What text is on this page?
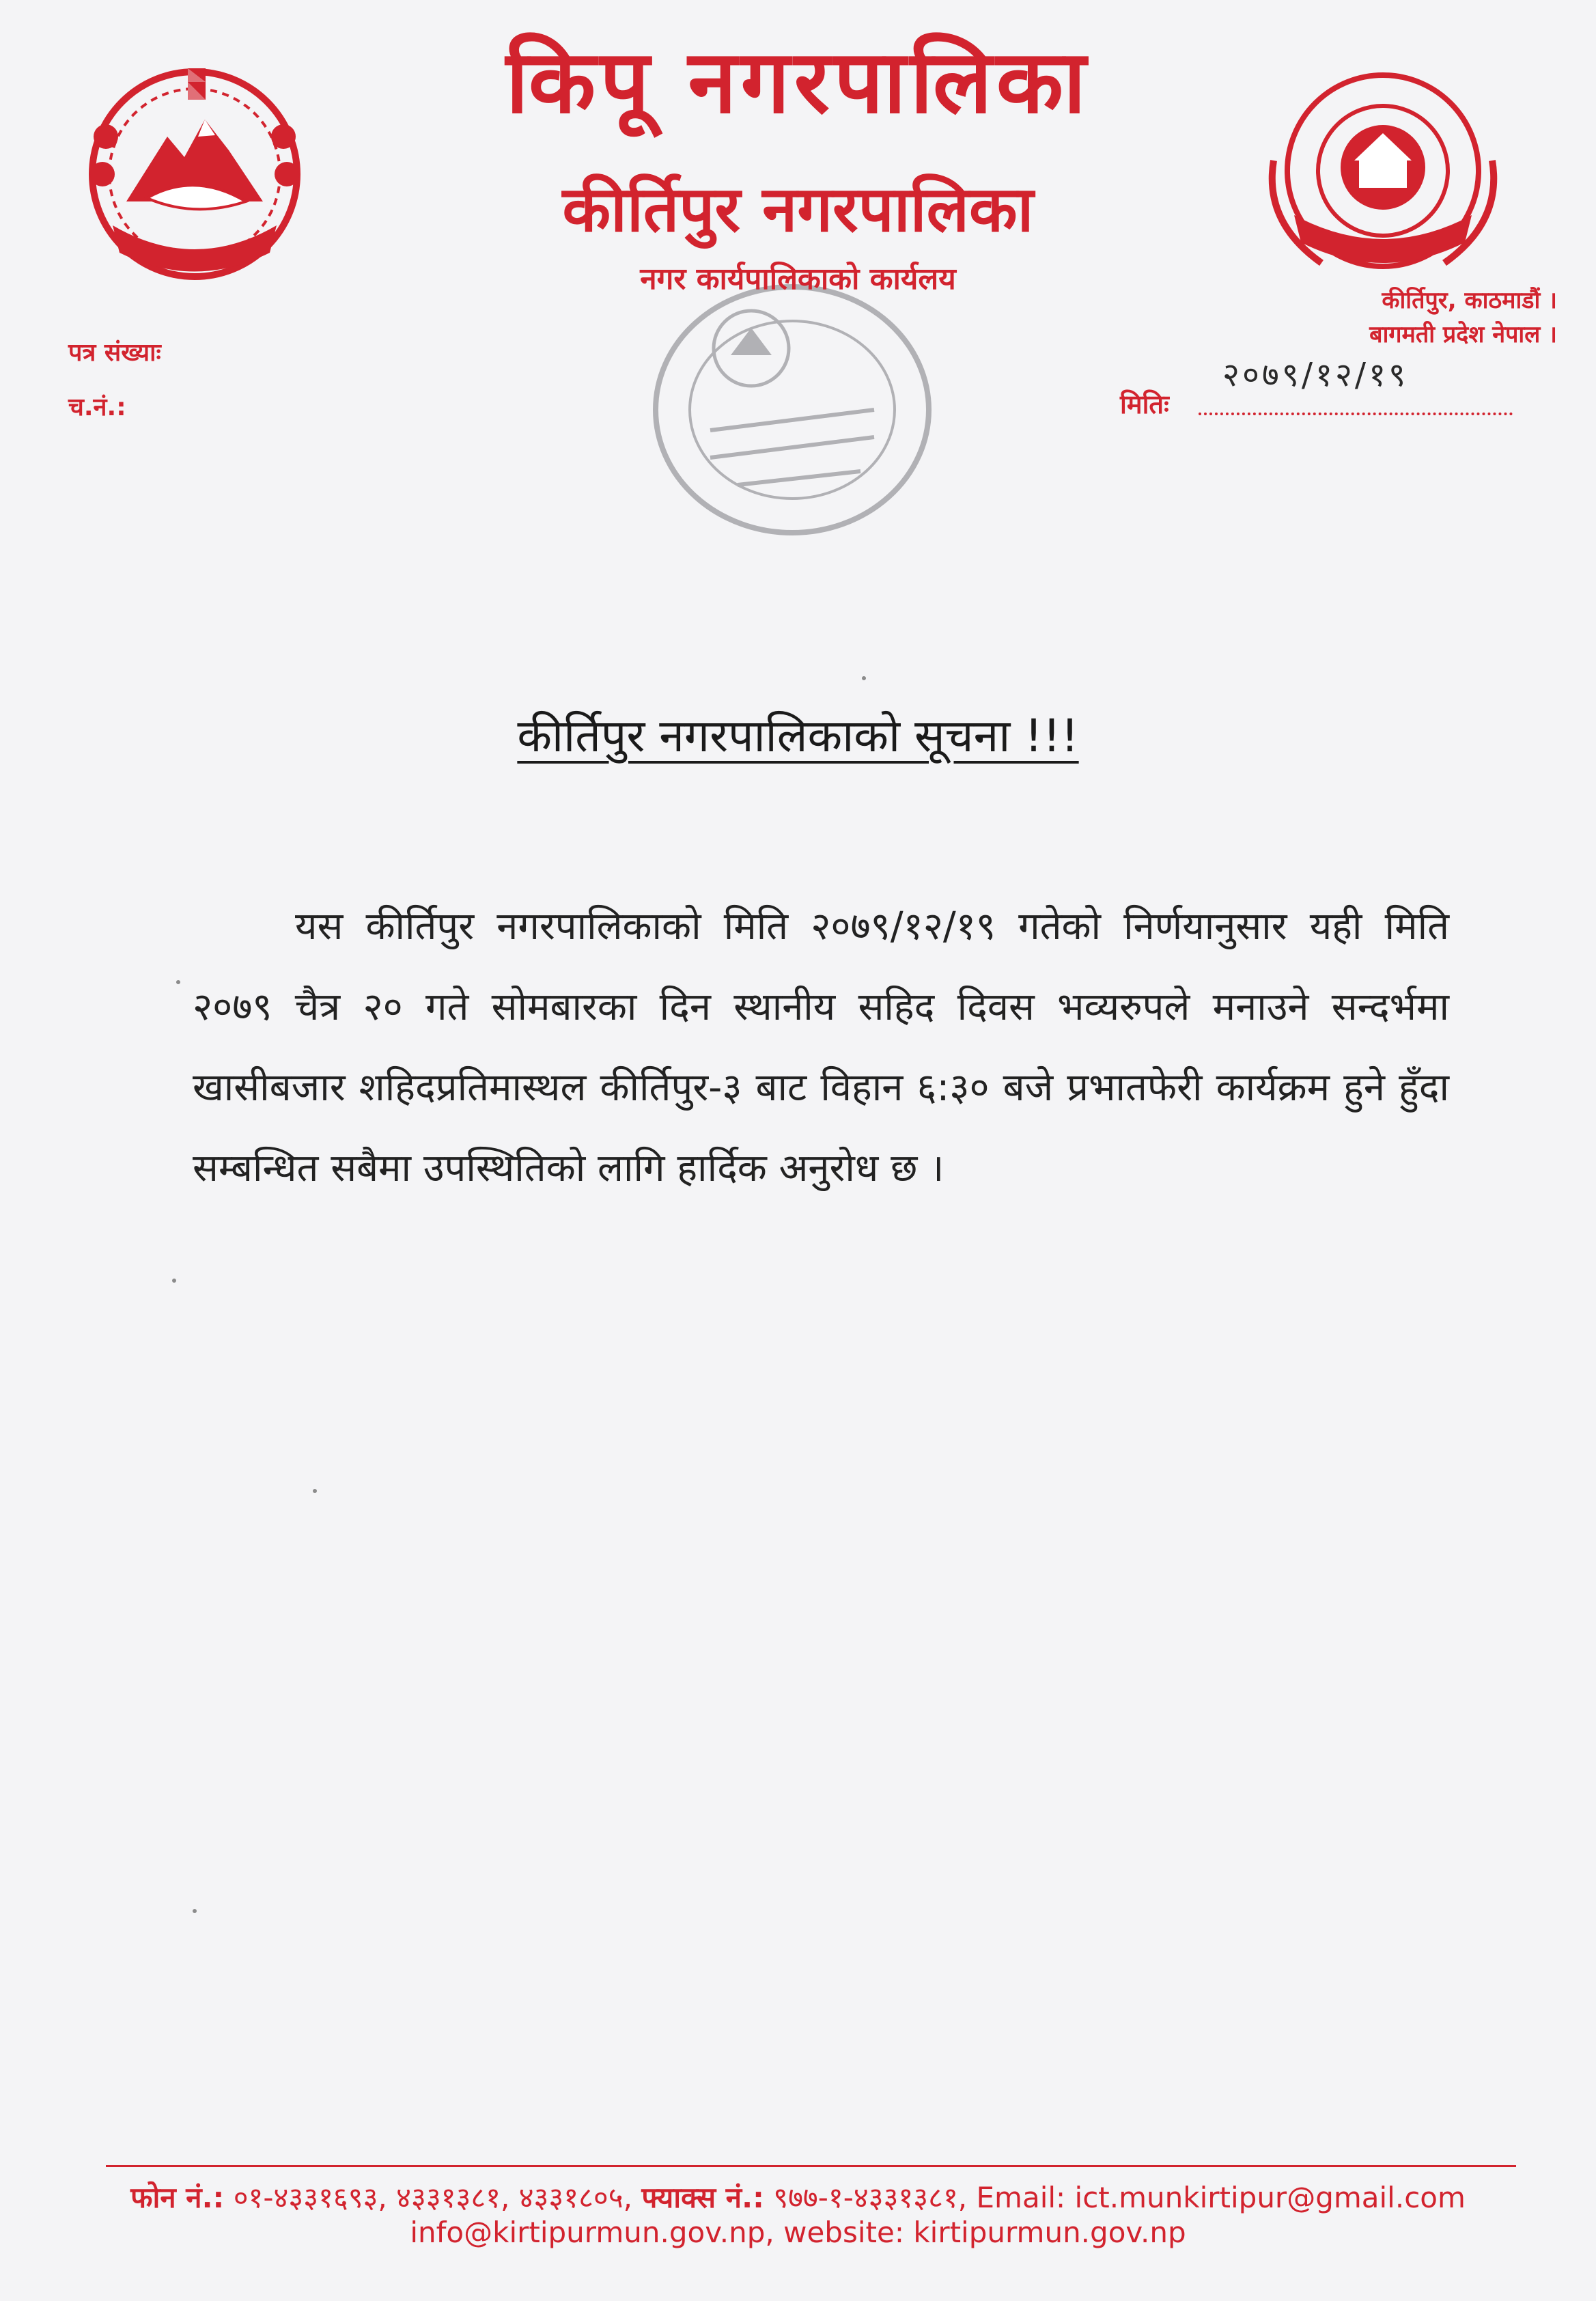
किपू नगरपालिका
कीर्तिपुर नगरपालिका
नगर कार्यपालिकाको कार्यलय
कीर्तिपुर, काठमाडौं ।
बागमती प्रदेश नेपाल ।
पत्र संख्याः
च.नं.:
२०७९/१२/१९
मितिः
कीर्तिपुर नगरपालिकाको सूचना !!!
यस कीर्तिपुर नगरपालिकाको मिति २०७९/१२/१९ गतेको निर्णयानुसार यही मिति २०७९ चैत्र २० गते सोमबारका दिन स्थानीय सहिद दिवस भव्यरुपले मनाउने सन्दर्भमा खासीबजार शहिदप्रतिमास्थल कीर्तिपुर-३ बाट विहान ६:३० बजे प्रभातफेरी कार्यक्रम हुने हुँदा सम्बन्धित सबैमा उपस्थितिको लागि हार्दिक अनुरोध छ ।
फोन नं.: ०१-४३३१६९३, ४३३१३८१, ४३३१८०५, फ्याक्स नं.: ९७७-१-४३३१३८१, Email: ict.munkirtipur@gmail.com
info@kirtipurmun.gov.np, website: kirtipurmun.gov.np
